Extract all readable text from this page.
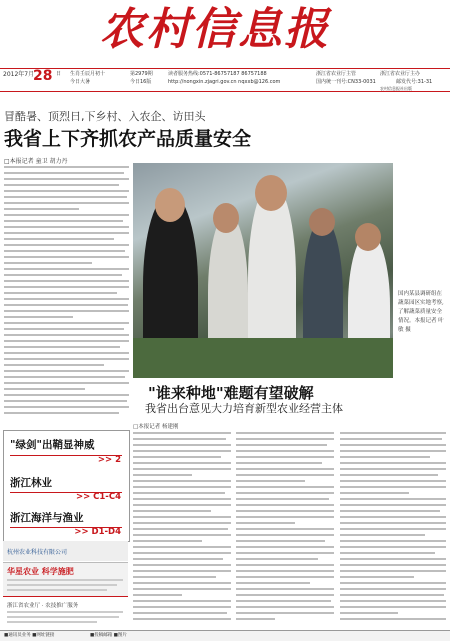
农村信息报
2012年7月
28 日 生肖壬辰月初十
今日大暑
第2979期
今日16版
读者服务热线:0571-86757187 86757188
http://nongxin.zjagri.gov.cn nqxxb@126.com
浙江省农业厅主管	浙江省农业厅主办
国内统一刊号:CN33-0031	邮发代号:31-31
农村信息报社出版
冒酷暑、顶烈日,下乡村、入农企、访田头
我省上下齐抓农产品质量安全
□本报记者 童卫 胡力丹
国内某县调研组在蔬菜园区实地考察,了解蔬菜质量安全情况。本报记者 叶敏 摄
"谁来种地"难题有望破解
我省出台意见大力培育新型农业经营主体
□本报记者 杨建刚
"绿剑"出鞘显神威
>> 2
浙江林业
>> C1-C4
浙江海洋与渔业
>> D1-D4
杭州农业科技有限公司
华星农业 科学施肥
浙江省农业厅 · 农技推广服务
■通讯员业务 ■网址链接	■投稿邮箱 ■图片
